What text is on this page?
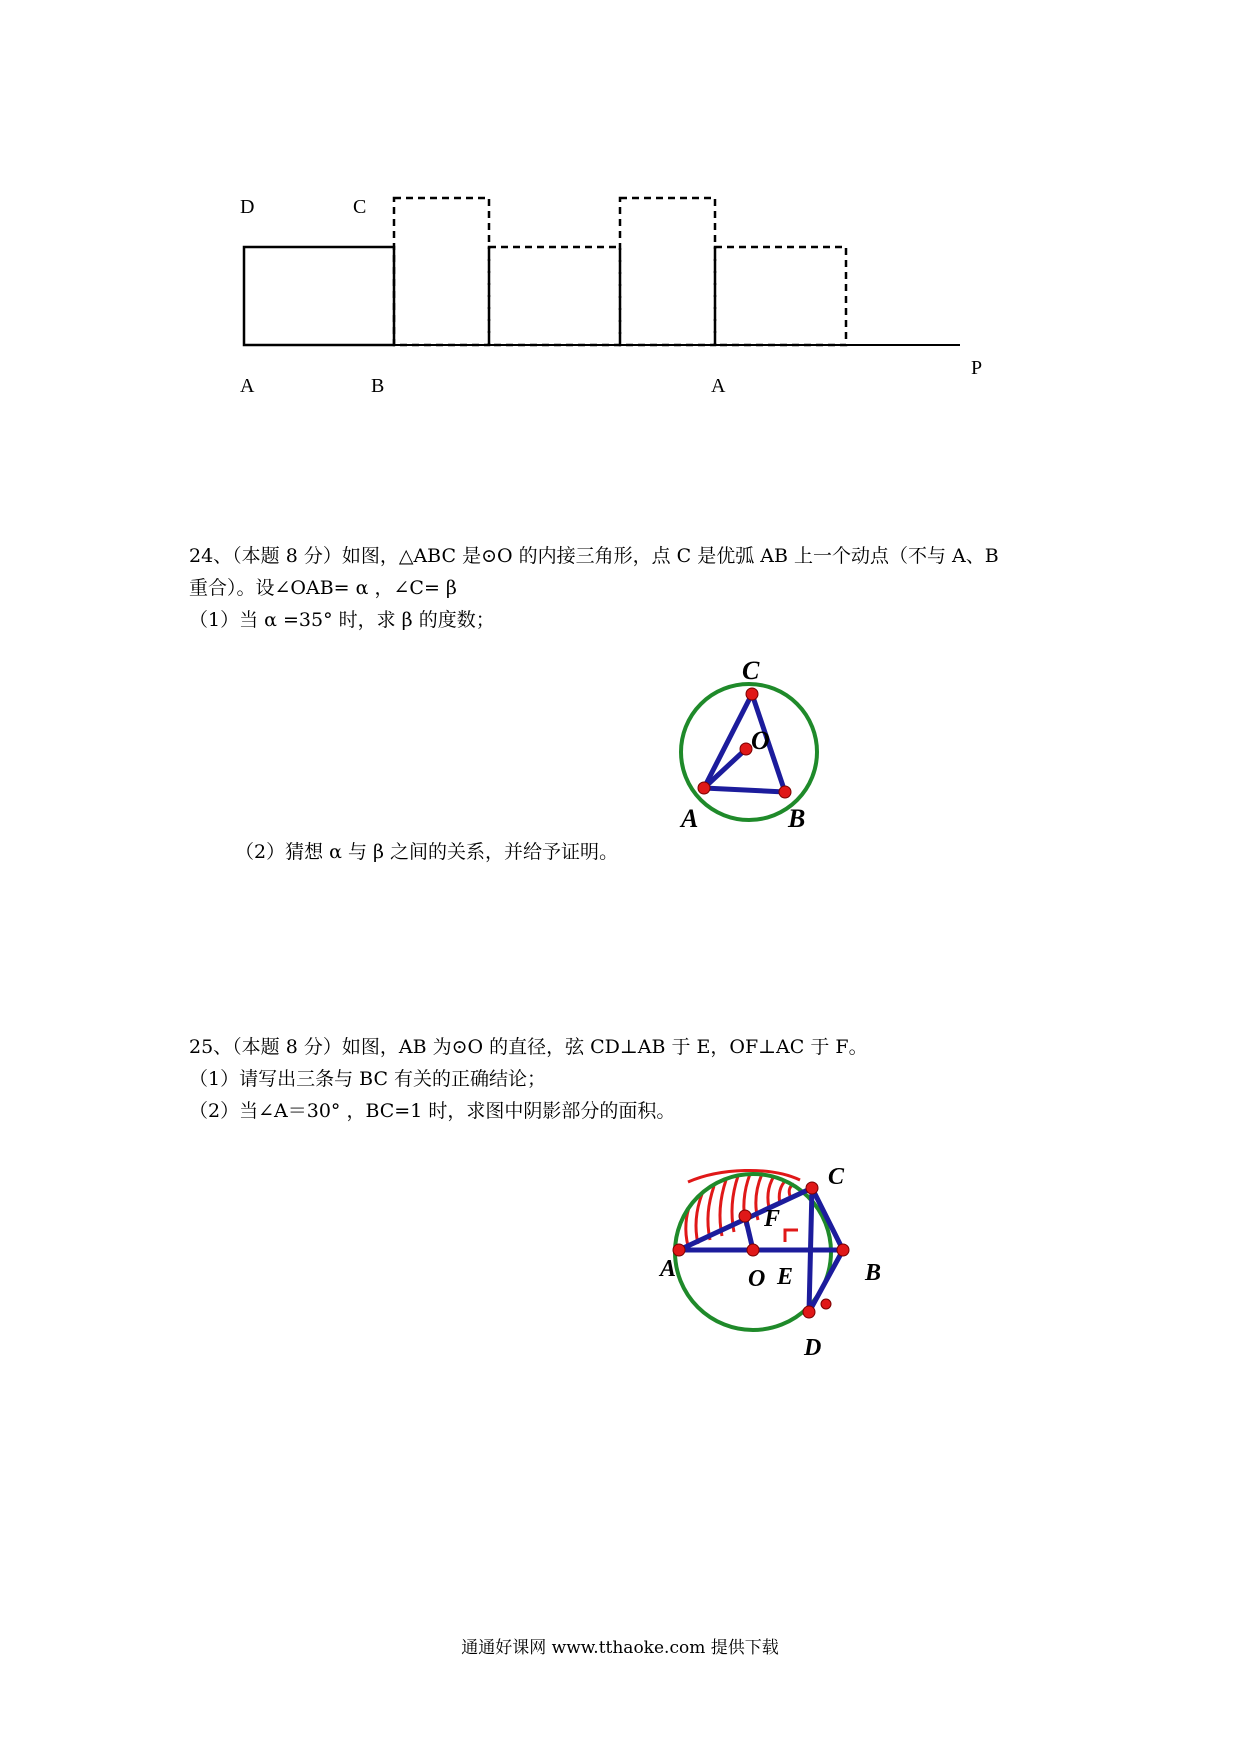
D	C
A	B	A
P
24、（本题 8 分）如图，△ABC 是⊙O 的内接三角形，点 C 是优弧 AB 上一个动点（不与 A、B
重合）。设∠OAB= α ，∠C= β
（1）当 α =35° 时，求 β 的度数；
C
O
A	B
（2）猜想 α 与 β 之间的关系，并给予证明。
25、（本题 8 分）如图，AB 为⊙O 的直径，弦 CD⊥AB 于 E，OF⊥AC 于 F。
（1）请写出三条与 BC 有关的正确结论；
（2）当∠A＝30° ，BC=1 时，求图中阴影部分的面积。
C
F
A	O E	B
D
通通好课网 www.tthaoke.com 提供下载
